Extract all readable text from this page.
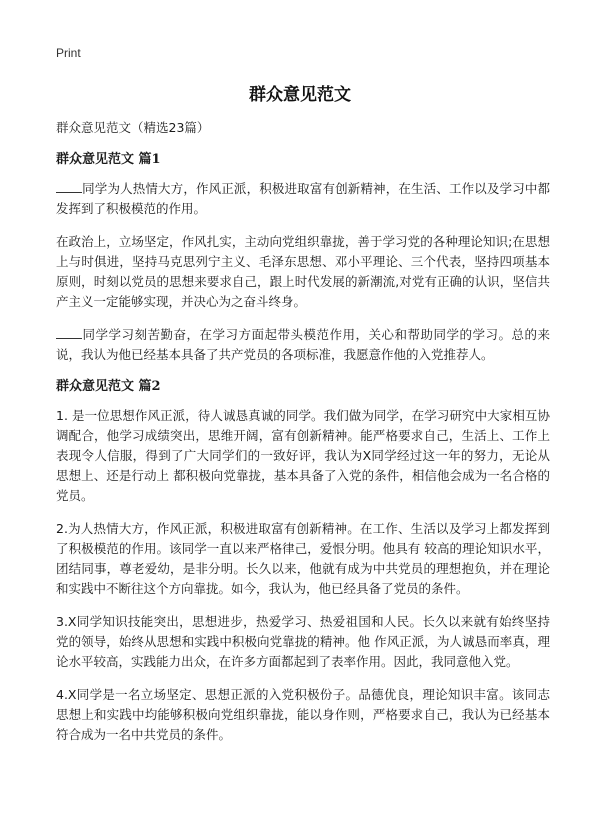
Print
群众意见范文

群众意见范文（精选23篇）

群众意见范文 篇1

同学为人热情大方，作风正派，积极进取富有创新精神，在生活、工作以及学习中都发挥到了积极模范的作用。

在政治上，立场坚定，作风扎实，主动向党组织靠拢，善于学习党的各种理论知识;在思想上与时俱进，坚持马克思列宁主义、毛泽东思想、邓小平理论、三个代表，坚持四项基本原则，时刻以党员的思想来要求自己，跟上时代发展的新潮流,对党有正确的认识，坚信共产主义一定能够实现，并决心为之奋斗终身。

同学学习刻苦勤奋，在学习方面起带头模范作用，关心和帮助同学的学习。总的来说，我认为他已经基本具备了共产党员的各项标准，我愿意作他的入党推荐人。

群众意见范文 篇2

1. 是一位思想作风正派，待人诚恳真诚的同学。我们做为同学，在学习研究中大家相互协调配合，他学习成绩突出，思维开阔，富有创新精神。能严格要求自己，生活上、工作上表现令人信服，得到了广大同学们的一致好评，我认为X同学经过这一年的努力，无论从思想上、还是行动上 都积极向党靠拢，基本具备了入党的条件，相信他会成为一名合格的党员。

2.为人热情大方，作风正派，积极进取富有创新精神。在工作、生活以及学习上都发挥到了积极模范的作用。该同学一直以来严格律己，爱恨分明。他具有 较高的理论知识水平，团结同事，尊老爱幼，是非分明。长久以来，他就有成为中共党员的理想抱负，并在理论和实践中不断往这个方向靠拢。如今，我认为，他已经具备了党员的条件。

3.X同学知识技能突出，思想进步，热爱学习、热爱祖国和人民。长久以来就有始终坚持党的领导，始终从思想和实践中积极向党靠拢的精神。他 作风正派，为人诚恳而率真，理论水平较高，实践能力出众，在许多方面都起到了表率作用。因此，我同意他入党。

4.X同学是一名立场坚定、思想正派的入党积极份子。品德优良，理论知识丰富。该同志思想上和实践中均能够积极向党组织靠拢，能以身作则，严格要求自己，我认为已经基本符合成为一名中共党员的条件。
